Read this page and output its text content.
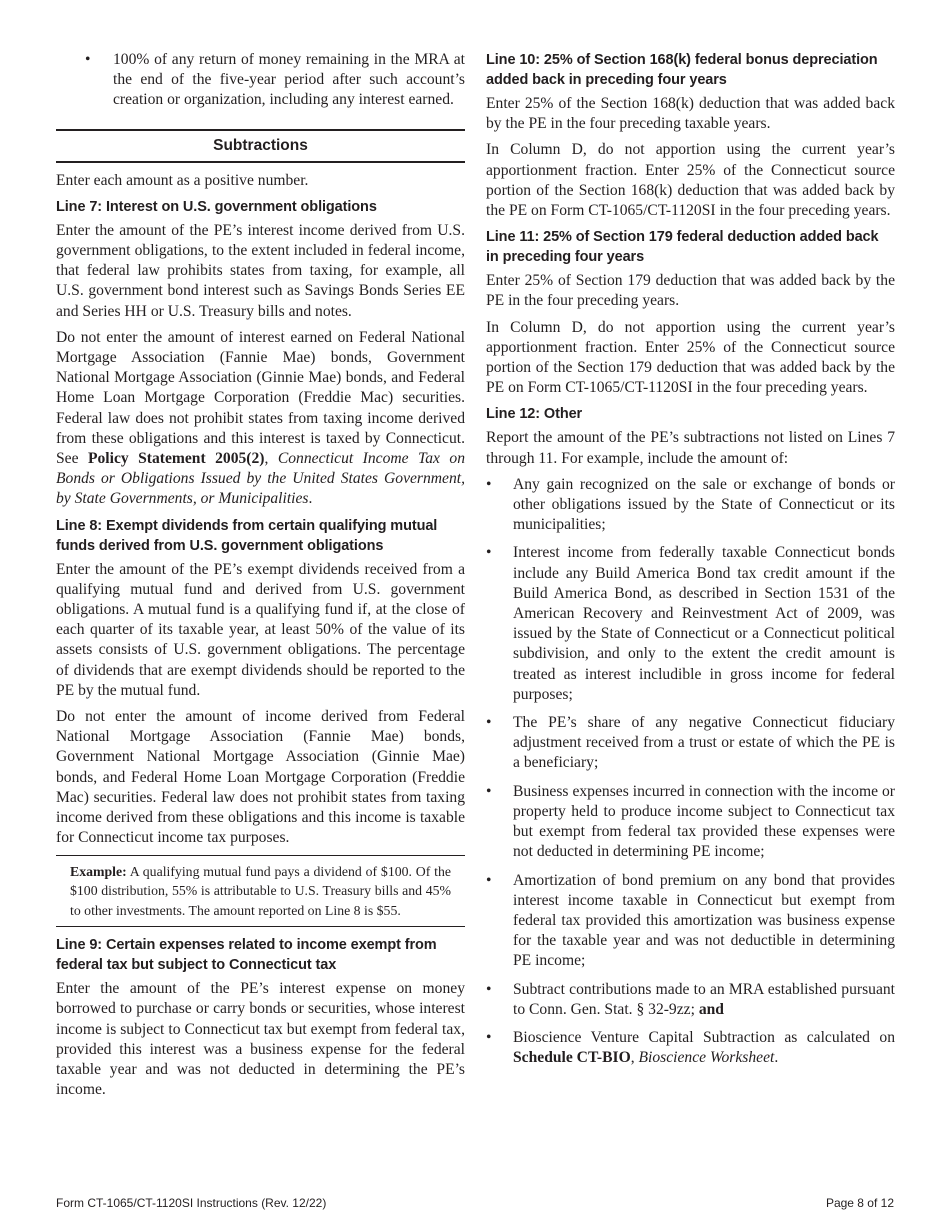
• 100% of any return of money remaining in the MRA at the end of the five-year period after such account’s creation or organization, including any interest earned.
Subtractions

Enter each amount as a positive number.

Line 7: Interest on U.S. government obligations

Enter the amount of the PE’s interest income derived from U.S. government obligations, to the extent included in federal income, that federal law prohibits states from taxing, for example, all U.S. government bond interest such as Savings Bonds Series EE and Series HH or U.S. Treasury bills and notes.

Do not enter the amount of interest earned on Federal National Mortgage Association (Fannie Mae) bonds, Government National Mortgage Association (Ginnie Mae) bonds, and Federal Home Loan Mortgage Corporation (Freddie Mac) securities. Federal law does not prohibit states from taxing income derived from these obligations and this interest is taxed by Connecticut. See Policy Statement 2005(2), Connecticut Income Tax on Bonds or Obligations Issued by the United States Government, by State Governments, or Municipalities.

Line 8: Exempt dividends from certain qualifying mutual funds derived from U.S. government obligations

Enter the amount of the PE’s exempt dividends received from a qualifying mutual fund and derived from U.S. government obligations. A mutual fund is a qualifying fund if, at the close of each quarter of its taxable year, at least 50% of the value of its assets consists of U.S. government obligations. The percentage of dividends that are exempt dividends should be reported to the PE by the mutual fund.

Do not enter the amount of income derived from Federal National Mortgage Association (Fannie Mae) bonds, Government National Mortgage Association (Ginnie Mae) bonds, and Federal Home Loan Mortgage Corporation (Freddie Mac) securities. Federal law does not prohibit states from taxing income derived from these obligations and this income is taxable for Connecticut income tax purposes.

Example: A qualifying mutual fund pays a dividend of $100. Of the $100 distribution, 55% is attributable to U.S. Treasury bills and 45% to other investments. The amount reported on Line 8 is $55.

Line 9: Certain expenses related to income exempt from federal tax but subject to Connecticut tax

Enter the amount of the PE’s interest expense on money borrowed to purchase or carry bonds or securities, whose interest income is subject to Connecticut tax but exempt from federal tax, provided this interest was a business expense for the federal taxable year and was not deducted in determining the PE’s income.

Line 10: 25% of Section 168(k) federal bonus depreciation added back in preceding four years

Enter 25% of the Section 168(k) deduction that was added back by the PE in the four preceding taxable years.

In Column D, do not apportion using the current year’s apportionment fraction. Enter 25% of the Connecticut source portion of the Section 168(k) deduction that was added back by the PE on Form CT-1065/CT-1120SI in the four preceding years.

Line 11: 25% of Section 179 federal deduction added back in preceding four years

Enter 25% of Section 179 deduction that was added back by the PE in the four preceding years.

In Column D, do not apportion using the current year’s apportionment fraction. Enter 25% of the Connecticut source portion of the Section 179 deduction that was added back by the PE on Form CT-1065/CT-1120SI in the four preceding years.

Line 12: Other

Report the amount of the PE’s subtractions not listed on Lines 7 through 11. For example, include the amount of:

• Any gain recognized on the sale or exchange of bonds or other obligations issued by the State of Connecticut or its municipalities;
• Interest income from federally taxable Connecticut bonds include any Build America Bond tax credit amount if the Build America Bond, as described in Section 1531 of the American Recovery and Reinvestment Act of 2009, was issued by the State of Connecticut or a Connecticut political subdivision, and only to the extent the credit amount is treated as interest includible in gross income for federal purposes;
• The PE’s share of any negative Connecticut fiduciary adjustment received from a trust or estate of which the PE is a beneficiary;
• Business expenses incurred in connection with the income or property held to produce income subject to Connecticut tax but exempt from federal tax provided these expenses were not deducted in determining PE income;
• Amortization of bond premium on any bond that provides interest income taxable in Connecticut but exempt from federal tax provided this amortization was business expense for the taxable year and was not deductible in determining PE income;
• Subtract contributions made to an MRA established pursuant to Conn. Gen. Stat. § 32-9zz; and
• Bioscience Venture Capital Subtraction as calculated on Schedule CT-BIO, Bioscience Worksheet.
Form CT-1065/CT-1120SI Instructions (Rev. 12/22)	Page 8 of 12
